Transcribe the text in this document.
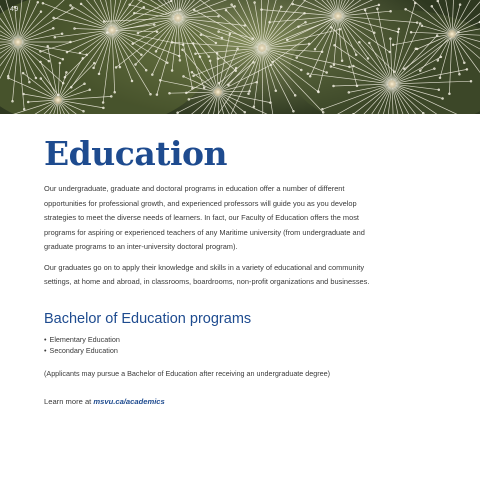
49
Education

Our undergraduate, graduate and doctoral programs in education offer a number of different opportunities for professional growth, and experienced professors will guide you as you develop strategies to meet the diverse needs of learners. In fact, our Faculty of Education offers the most programs for aspiring or experienced teachers of any Maritime university (from undergraduate and graduate programs to an inter-university doctoral program).

Our graduates go on to apply their knowledge and skills in a variety of educational and community settings, at home and abroad, in classrooms, boardrooms, non-profit organizations and businesses.

Bachelor of Education programs
• Elementary Education
• Secondary Education

(Applicants may pursue a Bachelor of Education after receiving an undergraduate degree)

Learn more at msvu.ca/academics
